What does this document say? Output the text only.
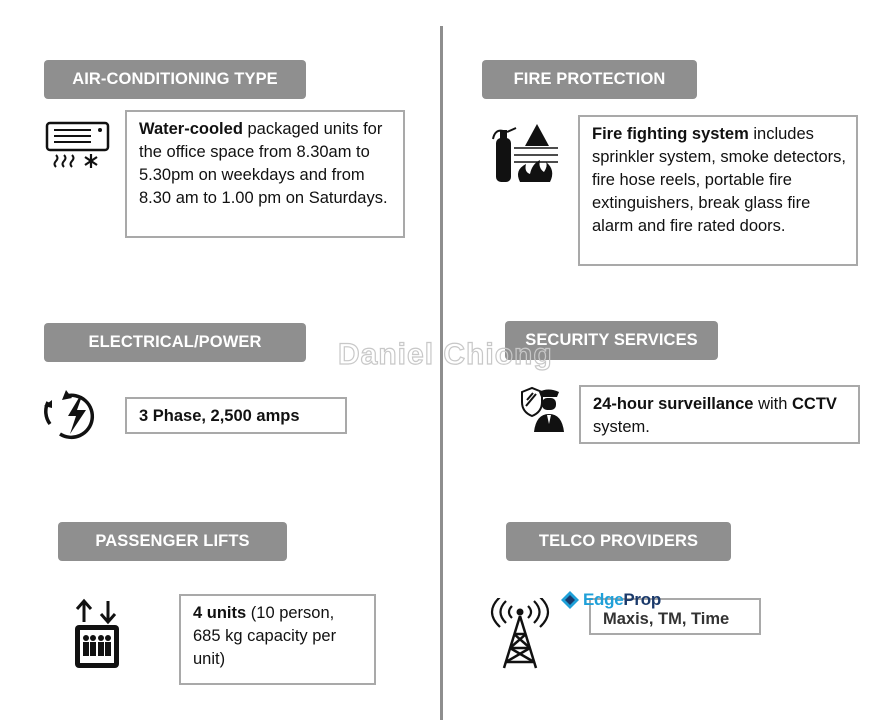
AIR-CONDITIONING TYPE
Water-cooled packaged units for the office space from 8.30am to 5.30pm on weekdays and from 8.30 am to 1.00 pm on Saturdays.
FIRE PROTECTION
Fire fighting system includes sprinkler system, smoke detectors, fire hose reels, portable fire extinguishers, break glass fire alarm and fire rated doors.
ELECTRICAL/POWER
3 Phase, 2,500 amps
SECURITY SERVICES
24-hour surveillance with CCTV system.
PASSENGER LIFTS
4 units (10 person, 685 kg capacity per unit)
TELCO PROVIDERS
Maxis, TM, Time
EdgeProp
Daniel Chiong
